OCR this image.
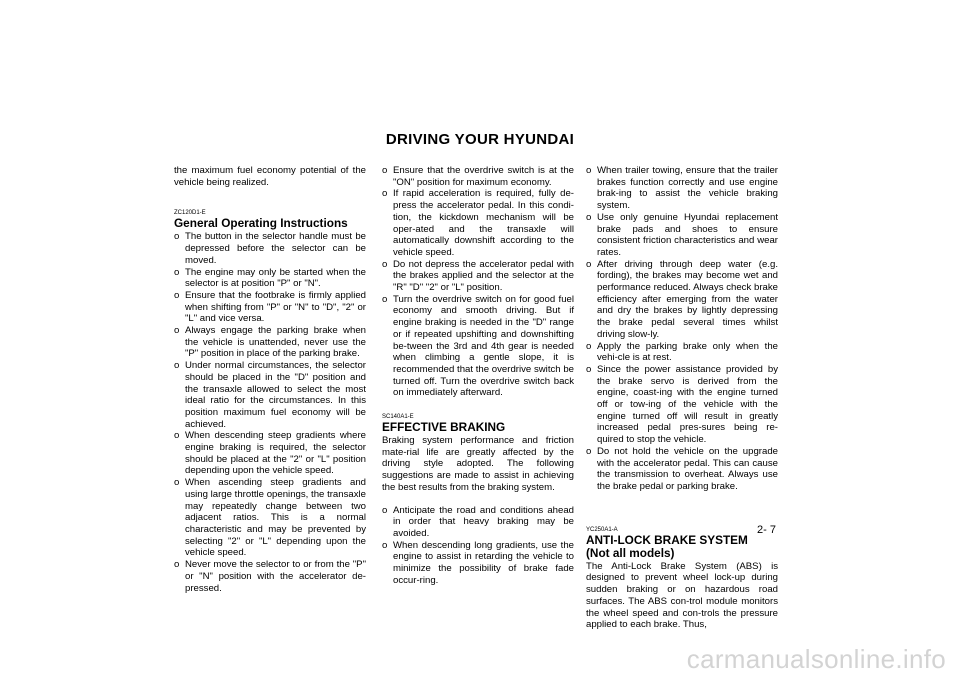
DRIVING YOUR HYUNDAI

the maximum fuel economy potential of the vehicle being realized.

ZC120D1-E
General Operating Instructions
o The button in the selector handle must be depressed before the selector can be moved.
o The engine may only be started when the selector is at position "P" or "N".
o Ensure that the footbrake is firmly applied when shifting from "P" or "N" to "D", "2" or "L" and vice versa.
o Always engage the parking brake when the vehicle is unattended, never use the "P" position in place of the parking brake.
o Under normal circumstances, the selector should be placed in the "D" position and the transaxle allowed to select the most ideal ratio for the circumstances. In this position maximum fuel economy will be achieved.
o When descending steep gradients where engine braking is required, the selector should be placed at the "2" or "L" position depending upon the vehicle speed.
o When ascending steep gradients and using large throttle openings, the transaxle may repeatedly change between two adjacent ratios. This is a normal characteristic and may be prevented by selecting "2" or "L" depending upon the vehicle speed.
o Never move the selector to or from the "P" or "N" position with the accelerator de-pressed.
o Ensure that the overdrive switch is at the "ON" position for maximum economy.
o If rapid acceleration is required, fully de-press the accelerator pedal. In this condi-tion, the kickdown mechanism will be oper-ated and the transaxle will automatically downshift according to the vehicle speed.
o Do not depress the accelerator pedal with the brakes applied and the selector at the "R" "D" "2" or "L" position.
o Turn the overdrive switch on for good fuel economy and smooth driving. But if engine braking is needed in the "D" range or if repeated upshifting and downshifting be-tween the 3rd and 4th gear is needed when climbing a gentle slope, it is recommended that the overdrive switch be turned off. Turn the overdrive switch back on immediately afterward.
SC140A1-E
EFFECTIVE BRAKING

Braking system performance and friction mate-rial life are greatly affected by the driving style adopted. The following suggestions are made to assist in achieving the best results from the braking system.

o Anticipate the road and conditions ahead in order that heavy braking may be avoided.
o When descending long gradients, use the engine to assist in retarding the vehicle to minimize the possibility of brake fade occur-ring.
o When trailer towing, ensure that the trailer brakes function correctly and use engine brak-ing to assist the vehicle braking system.
o Use only genuine Hyundai replacement brake pads and shoes to ensure consistent friction characteristics and wear rates.
o After driving through deep water (e.g. fording), the brakes may become wet and performance reduced. Always check brake efficiency after emerging from the water and dry the brakes by lightly depressing the brake pedal several times whilst driving slow-ly.
o Apply the parking brake only when the vehi-cle is at rest.
o Since the power assistance provided by the brake servo is derived from the engine, coast-ing with the engine turned off or tow-ing of the vehicle with the engine turned off will result in greatly increased pedal pres-sures being re-quired to stop the vehicle.
o Do not hold the vehicle on the upgrade with the accelerator pedal. This can cause the transmission to overheat. Always use the brake pedal or parking brake.
YC250A1-A
ANTI-LOCK BRAKE SYSTEM
(Not all models)

The Anti-Lock Brake System (ABS) is designed to prevent wheel lock-up during sudden braking or on hazardous road surfaces. The ABS con-trol module monitors the wheel speed and con-trols the pressure applied to each brake. Thus,

2- 7
carmanualsonline.info
